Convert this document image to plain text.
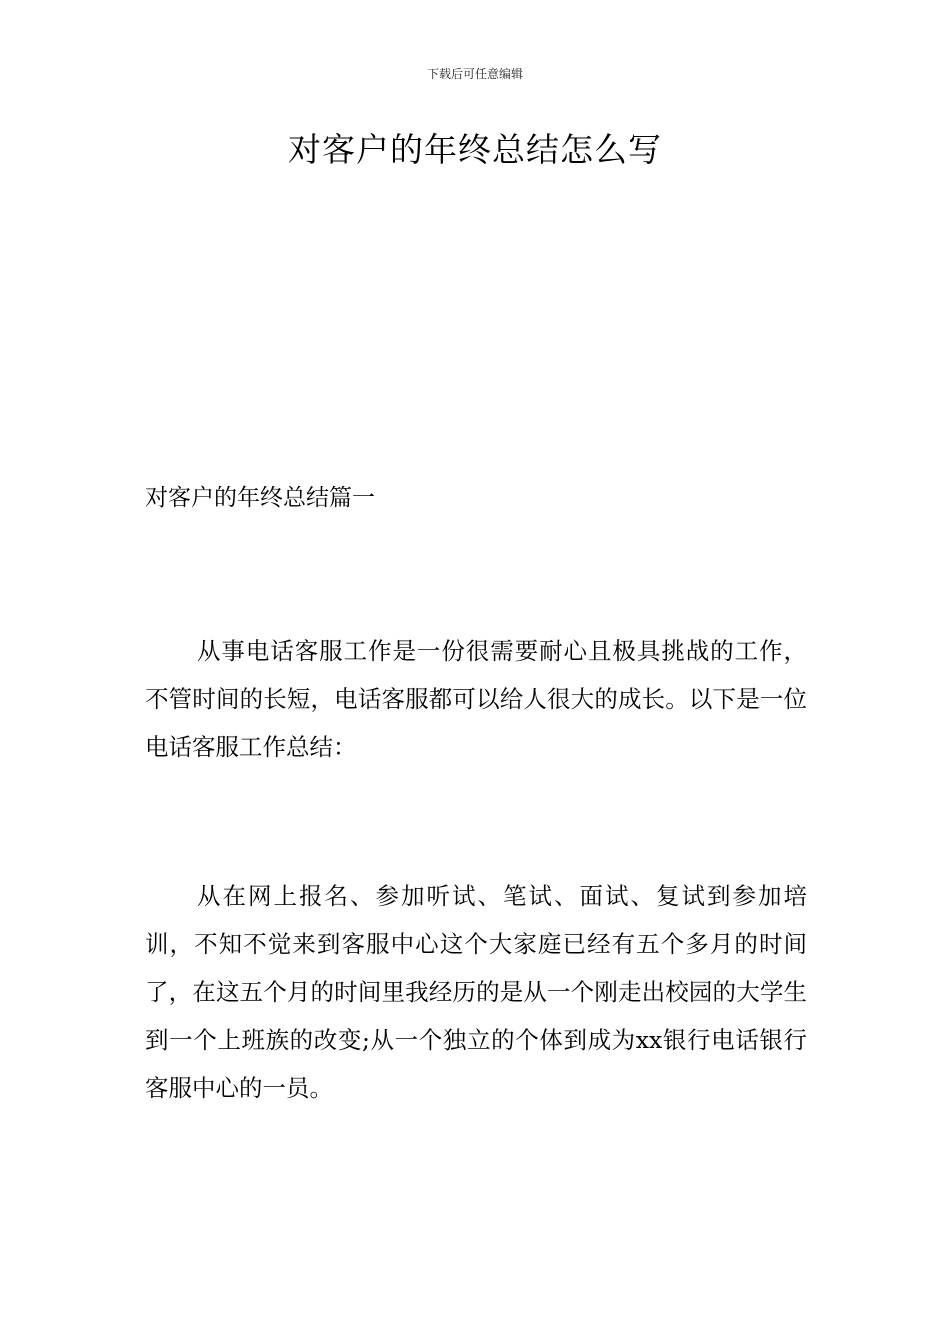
下载后可任意编辑
对客户的年终总结怎么写
对客户的年终总结篇一

从事电话客服工作是一份很需要耐心且极具挑战的工作，不管时间的长短，电话客服都可以给人很大的成长。以下是一位电话客服工作总结：

从在网上报名、参加听试、笔试、面试、复试到参加培训，不知不觉来到客服中心这个大家庭已经有五个多月的时间了，在这五个月的时间里我经历的是从一个刚走出校园的大学生到一个上班族的改变;从一个独立的个体到成为xx银行电话银行客服中心的一员。
